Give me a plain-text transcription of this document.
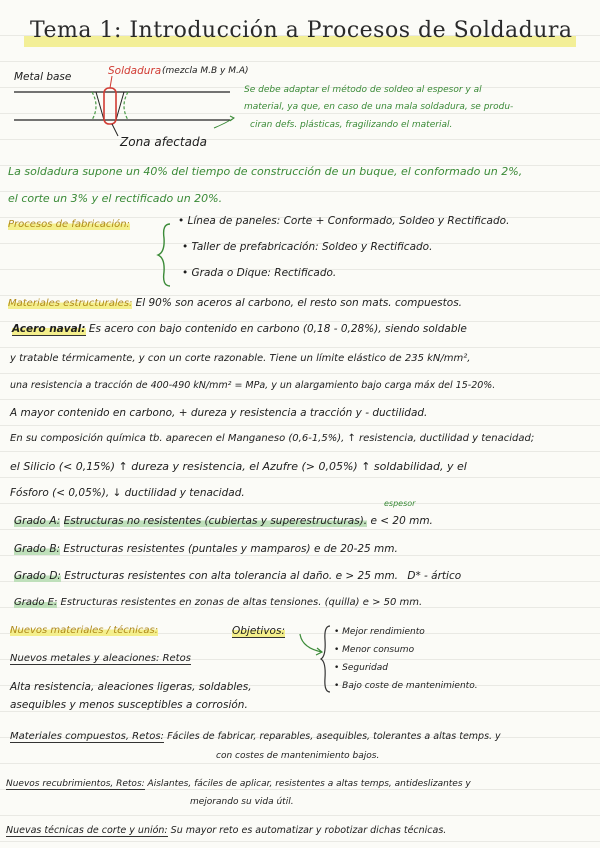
Tema 1: Introducción a Procesos de Soldadura
Metal base	Soldadura (mezcla M.B y M.A)
Zona afectada
Se debe adaptar el método de soldeo al espesor y al
material, ya que, en caso de una mala soldadura, se produ-
ciran defs. plásticas, fragilizando el material.
La soldadura supone un 40% del tiempo de construcción de un buque, el conformado un 2%,
el corte un 3% y el rectificado un 20%.
Procesos de fabricación:	• Línea de paneles: Corte + Conformado, Soldeo y Rectificado.
• Taller de prefabricación: Soldeo y Rectificado.
• Grada o Dique: Rectificado.
Materiales estructurales: El 90% son aceros al carbono, el resto son mats. compuestos.
Acero naval: Es acero con bajo contenido en carbono (0,18 - 0,28%), siendo soldable
y tratable térmicamente, y con un corte razonable. Tiene un límite elástico de 235 kN/mm²,
una resistencia a tracción de 400-490 kN/mm² = MPa, y un alargamiento bajo carga máx del 15-20%.
A mayor contenido en carbono, + dureza y resistencia a tracción y - ductilidad.
En su composición química tb. aparecen el Manganeso (0,6-1,5%), ↑ resistencia, ductilidad y tenacidad;
el Silicio (< 0,15%) ↑ dureza y resistencia, el Azufre (> 0,05%) ↑ soldabilidad, y el
Fósforo (< 0,05%), ↓ ductilidad y tenacidad.
espesor
Grado A: Estructuras no resistentes (cubiertas y superestructuras). e < 20 mm.
Grado B: Estructuras resistentes (puntales y mamparos) e de 20-25 mm.
Grado D: Estructuras resistentes con alta tolerancia al daño. e > 25 mm. D* - ártico
Grado E: Estructuras resistentes en zonas de altas tensiones. (quilla) e > 50 mm.
Nuevos materiales / técnicas:	Objetivos:	• Mejor rendimiento
• Menor consumo
• Seguridad
• Bajo coste de mantenimiento.
Nuevos metales y aleaciones: Retos
Alta resistencia, aleaciones ligeras, soldables,
asequibles y menos susceptibles a corrosión.
Materiales compuestos, Retos: Fáciles de fabricar, reparables, asequibles, tolerantes a altas temps. y
con costes de mantenimiento bajos.
Nuevos recubrimientos, Retos: Aislantes, fáciles de aplicar, resistentes a altas temps, antideslizantes y
mejorando su vida útil.
Nuevas técnicas de corte y unión: Su mayor reto es automatizar y robotizar dichas técnicas.
